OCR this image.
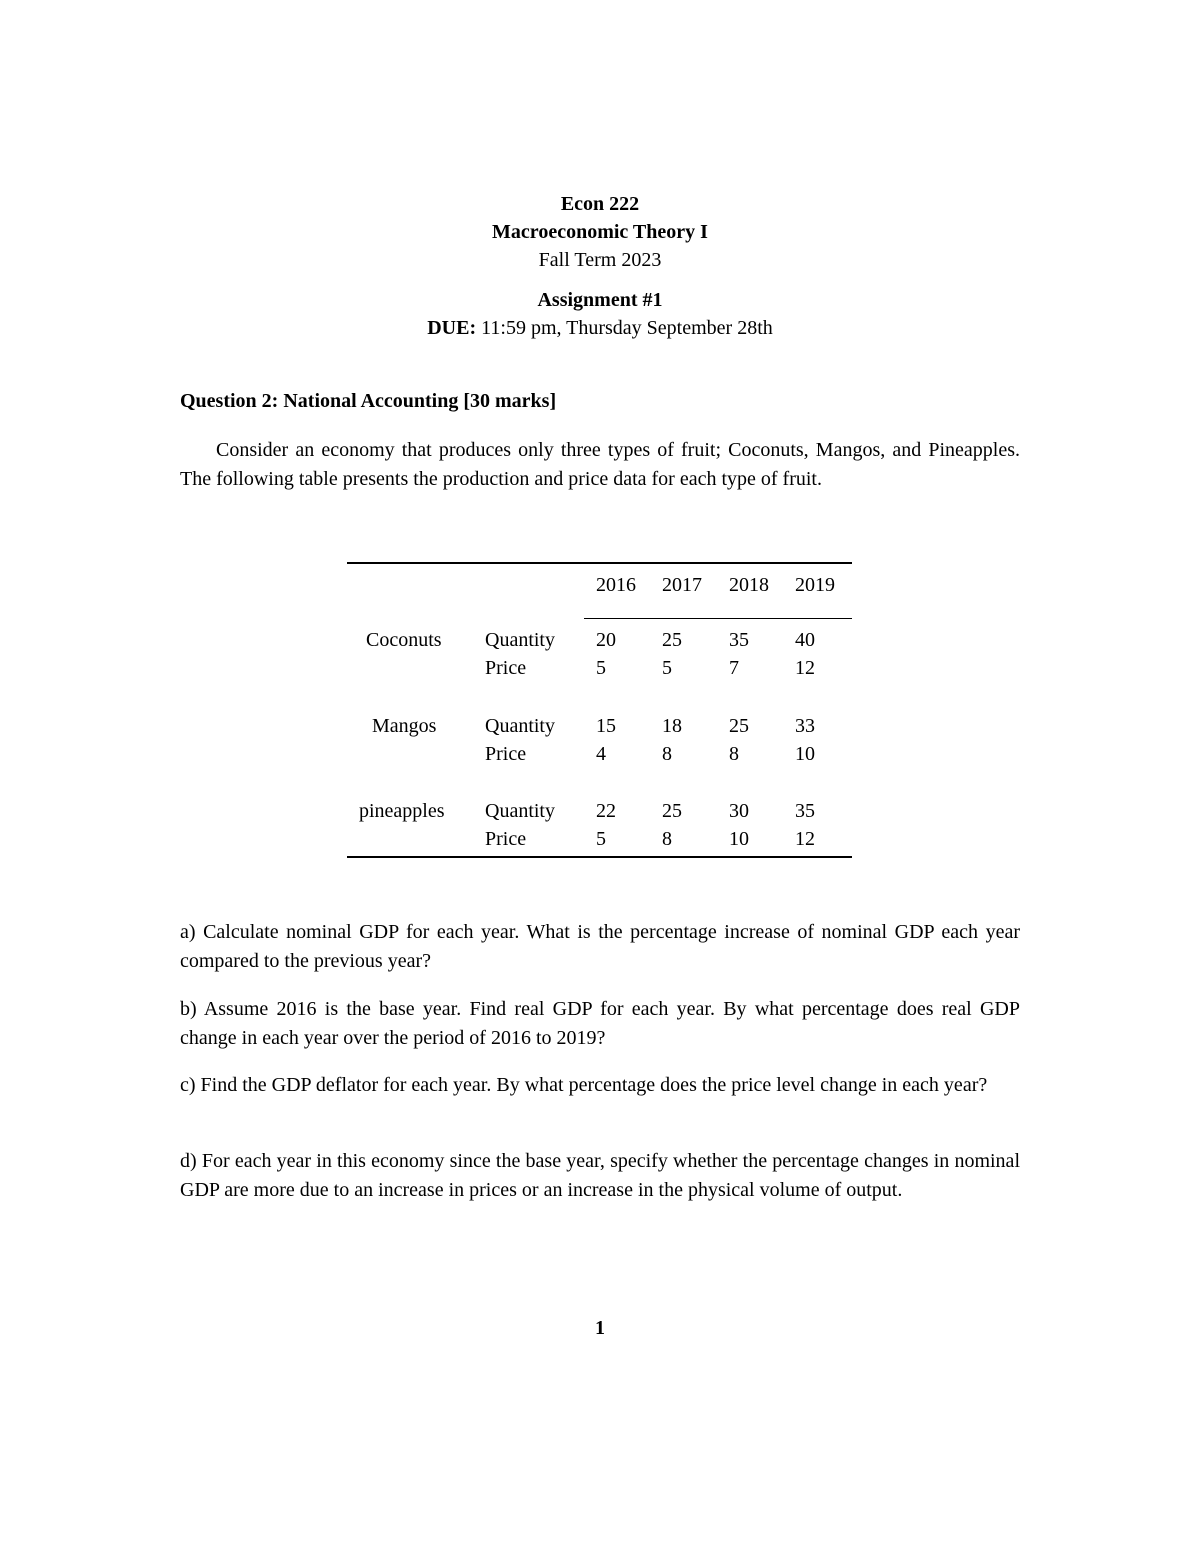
Econ 222
Macroeconomic Theory I
Fall Term 2023
Assignment #1
DUE: 11:59 pm, Thursday September 28th
Question 2: National Accounting [30 marks]
Consider an economy that produces only three types of fruit; Coconuts, Mangos, and Pineapples. The following table presents the production and price data for each type of fruit.
2016 2017 2018 2019
Coconuts Quantity 20 25 35 40
Price	5	5	7	12
Mangos Quantity 15 18 25 33
Price	4	8	8	10
pineapples Quantity 22 25 30 35
Price	5	8	10 12
a) Calculate nominal GDP for each year. What is the percentage increase of nominal GDP each year compared to the previous year?
b) Assume 2016 is the base year. Find real GDP for each year. By what percentage does real GDP change in each year over the period of 2016 to 2019?
c) Find the GDP deflator for each year. By what percentage does the price level change in each year?
d) For each year in this economy since the base year, specify whether the percentage changes in nominal GDP are more due to an increase in prices or an increase in the physical volume of output.
1
